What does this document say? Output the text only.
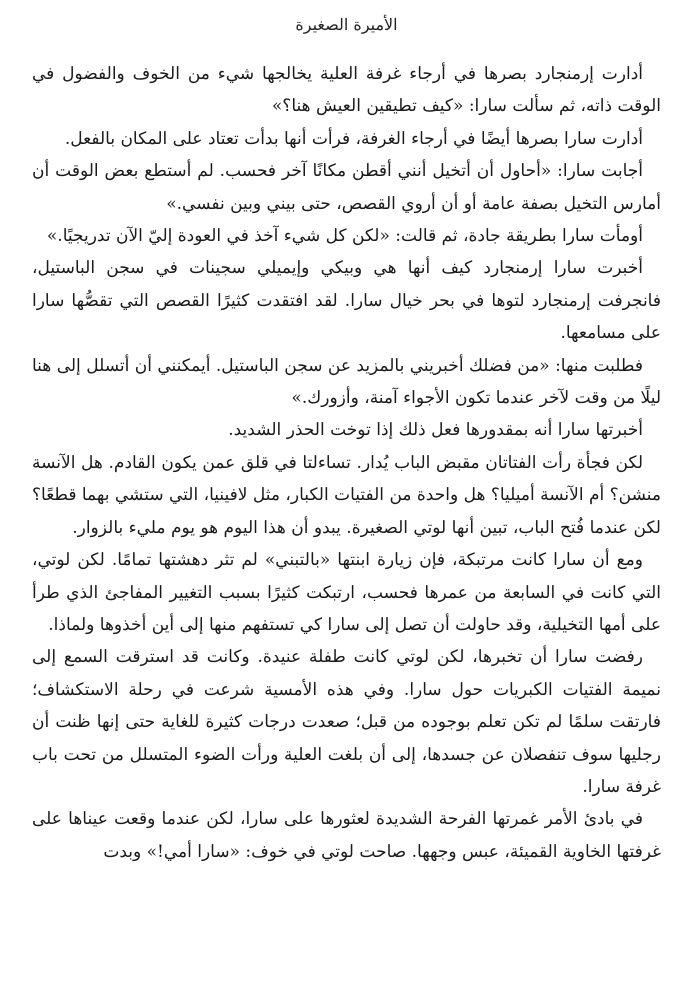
الأميرة الصغيرة

أدارت إرمنجارد بصرها في أرجاء غرفة العلية يخالجها شيء من الخوف والفضول في الوقت ذاته، ثم سألت سارا: «كيف تطيقين العيش هنا؟»

أدارت سارا بصرها أيضًا في أرجاء الغرفة، فرأت أنها بدأت تعتاد على المكان بالفعل.

أجابت سارا: «أحاول أن أتخيل أنني أقطن مكانًا آخر فحسب. لم أستطع بعض الوقت أن أمارس التخيل بصفة عامة أو أن أروي القصص، حتى بيني وبين نفسي.»

أومأت سارا بطريقة جادة، ثم قالت: «لكن كل شيء آخذ في العودة إليّ الآن تدريجيًا.»

أخبرت سارا إرمنجارد كيف أنها هي وبيكي وإيميلي سجينات في سجن الباستيل، فانجرفت إرمنجارد لتوها في بحر خيال سارا. لقد افتقدت كثيرًا القصص التي تقصُّها سارا على مسامعها.

فطلبت منها: «من فضلك أخبريني بالمزيد عن سجن الباستيل. أيمكنني أن أتسلل إلى هنا ليلًا من وقت لآخر عندما تكون الأجواء آمنة، وأزورك.»

أخبرتها سارا أنه بمقدورها فعل ذلك إذا توخت الحذر الشديد.

لكن فجأة رأت الفتاتان مقبض الباب يُدار. تساءلتا في قلق عمن يكون القادم. هل الآنسة منشن؟ أم الآنسة أميليا؟ هل واحدة من الفتيات الكبار، مثل لافينيا، التي ستشي بهما قطعًا؟ لكن عندما فُتح الباب، تبين أنها لوتي الصغيرة. يبدو أن هذا اليوم هو يوم مليء بالزوار.

ومع أن سارا كانت مرتبكة، فإن زيارة ابنتها «بالتبني» لم تثر دهشتها تمامًا. لكن لوتي، التي كانت في السابعة من عمرها فحسب، ارتبكت كثيرًا بسبب التغيير المفاجئ الذي طرأ على أمها التخيلية، وقد حاولت أن تصل إلى سارا كي تستفهم منها إلى أين أخذوها ولماذا.

رفضت سارا أن تخبرها، لكن لوتي كانت طفلة عنيدة. وكانت قد استرقت السمع إلى نميمة الفتيات الكبريات حول سارا. وفي هذه الأمسية شرعت في رحلة الاستكشاف؛ فارتقت سلمًا لم تكن تعلم بوجوده من قبل؛ صعدت درجات كثيرة للغاية حتى إنها ظنت أن رجليها سوف تنفصلان عن جسدها، إلى أن بلغت العلية ورأت الضوء المتسلل من تحت باب غرفة سارا.

في بادئ الأمر غمرتها الفرحة الشديدة لعثورها على سارا، لكن عندما وقعت عيناها على غرفتها الخاوية القميئة، عبس وجهها. صاحت لوتي في خوف: «سارا أمي!» وبدت
